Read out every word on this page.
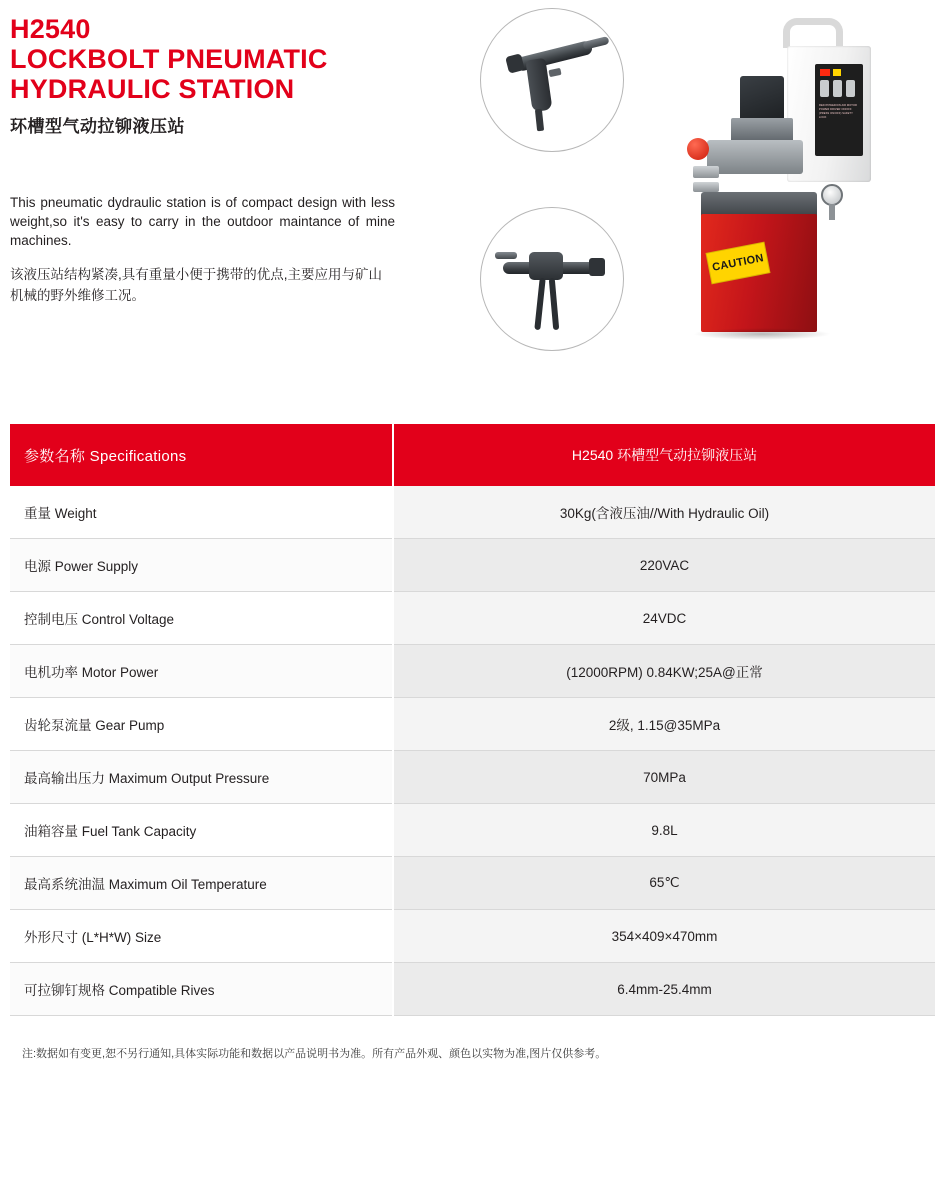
H2540
LOCKBOLT PNEUMATIC
HYDRAULIC STATION
环槽型气动拉铆液压站
This pneumatic dydraulic station is of compact design with less weight,so it's easy to carry in the outdoor maintance of mine machines.
该液压站结构紧凑,具有重量小便于携带的优点,主要应用与矿山机械的野外维修工况。
RED:POWER/ON AIR MOTOR POWER DRIVER ON/OFF (PRESS ON/OFF) SAFETY LOCK
CAUTION
参数名称 Specifications	H2540 环槽型气动拉铆液压站
重量 Weight	30Kg(含液压油//With Hydraulic Oil)
电源 Power Supply	220VAC
控制电压 Control Voltage	24VDC
电机功率 Motor Power	(12000RPM) 0.84KW;25A@正常
齿轮泵流量 Gear Pump	2级, 1.15@35MPa
最高输出压力 Maximum Output Pressure	70MPa
油箱容量 Fuel Tank Capacity	9.8L
最高系统油温 Maximum Oil Temperature	65℃
外形尺寸 (L*H*W) Size	354×409×470mm
可拉铆钉规格 Compatible Rives	6.4mm-25.4mm
注:数据如有变更,恕不另行通知,具体实际功能和数据以产品说明书为准。所有产品外观、颜色以实物为准,图片仅供参考。
